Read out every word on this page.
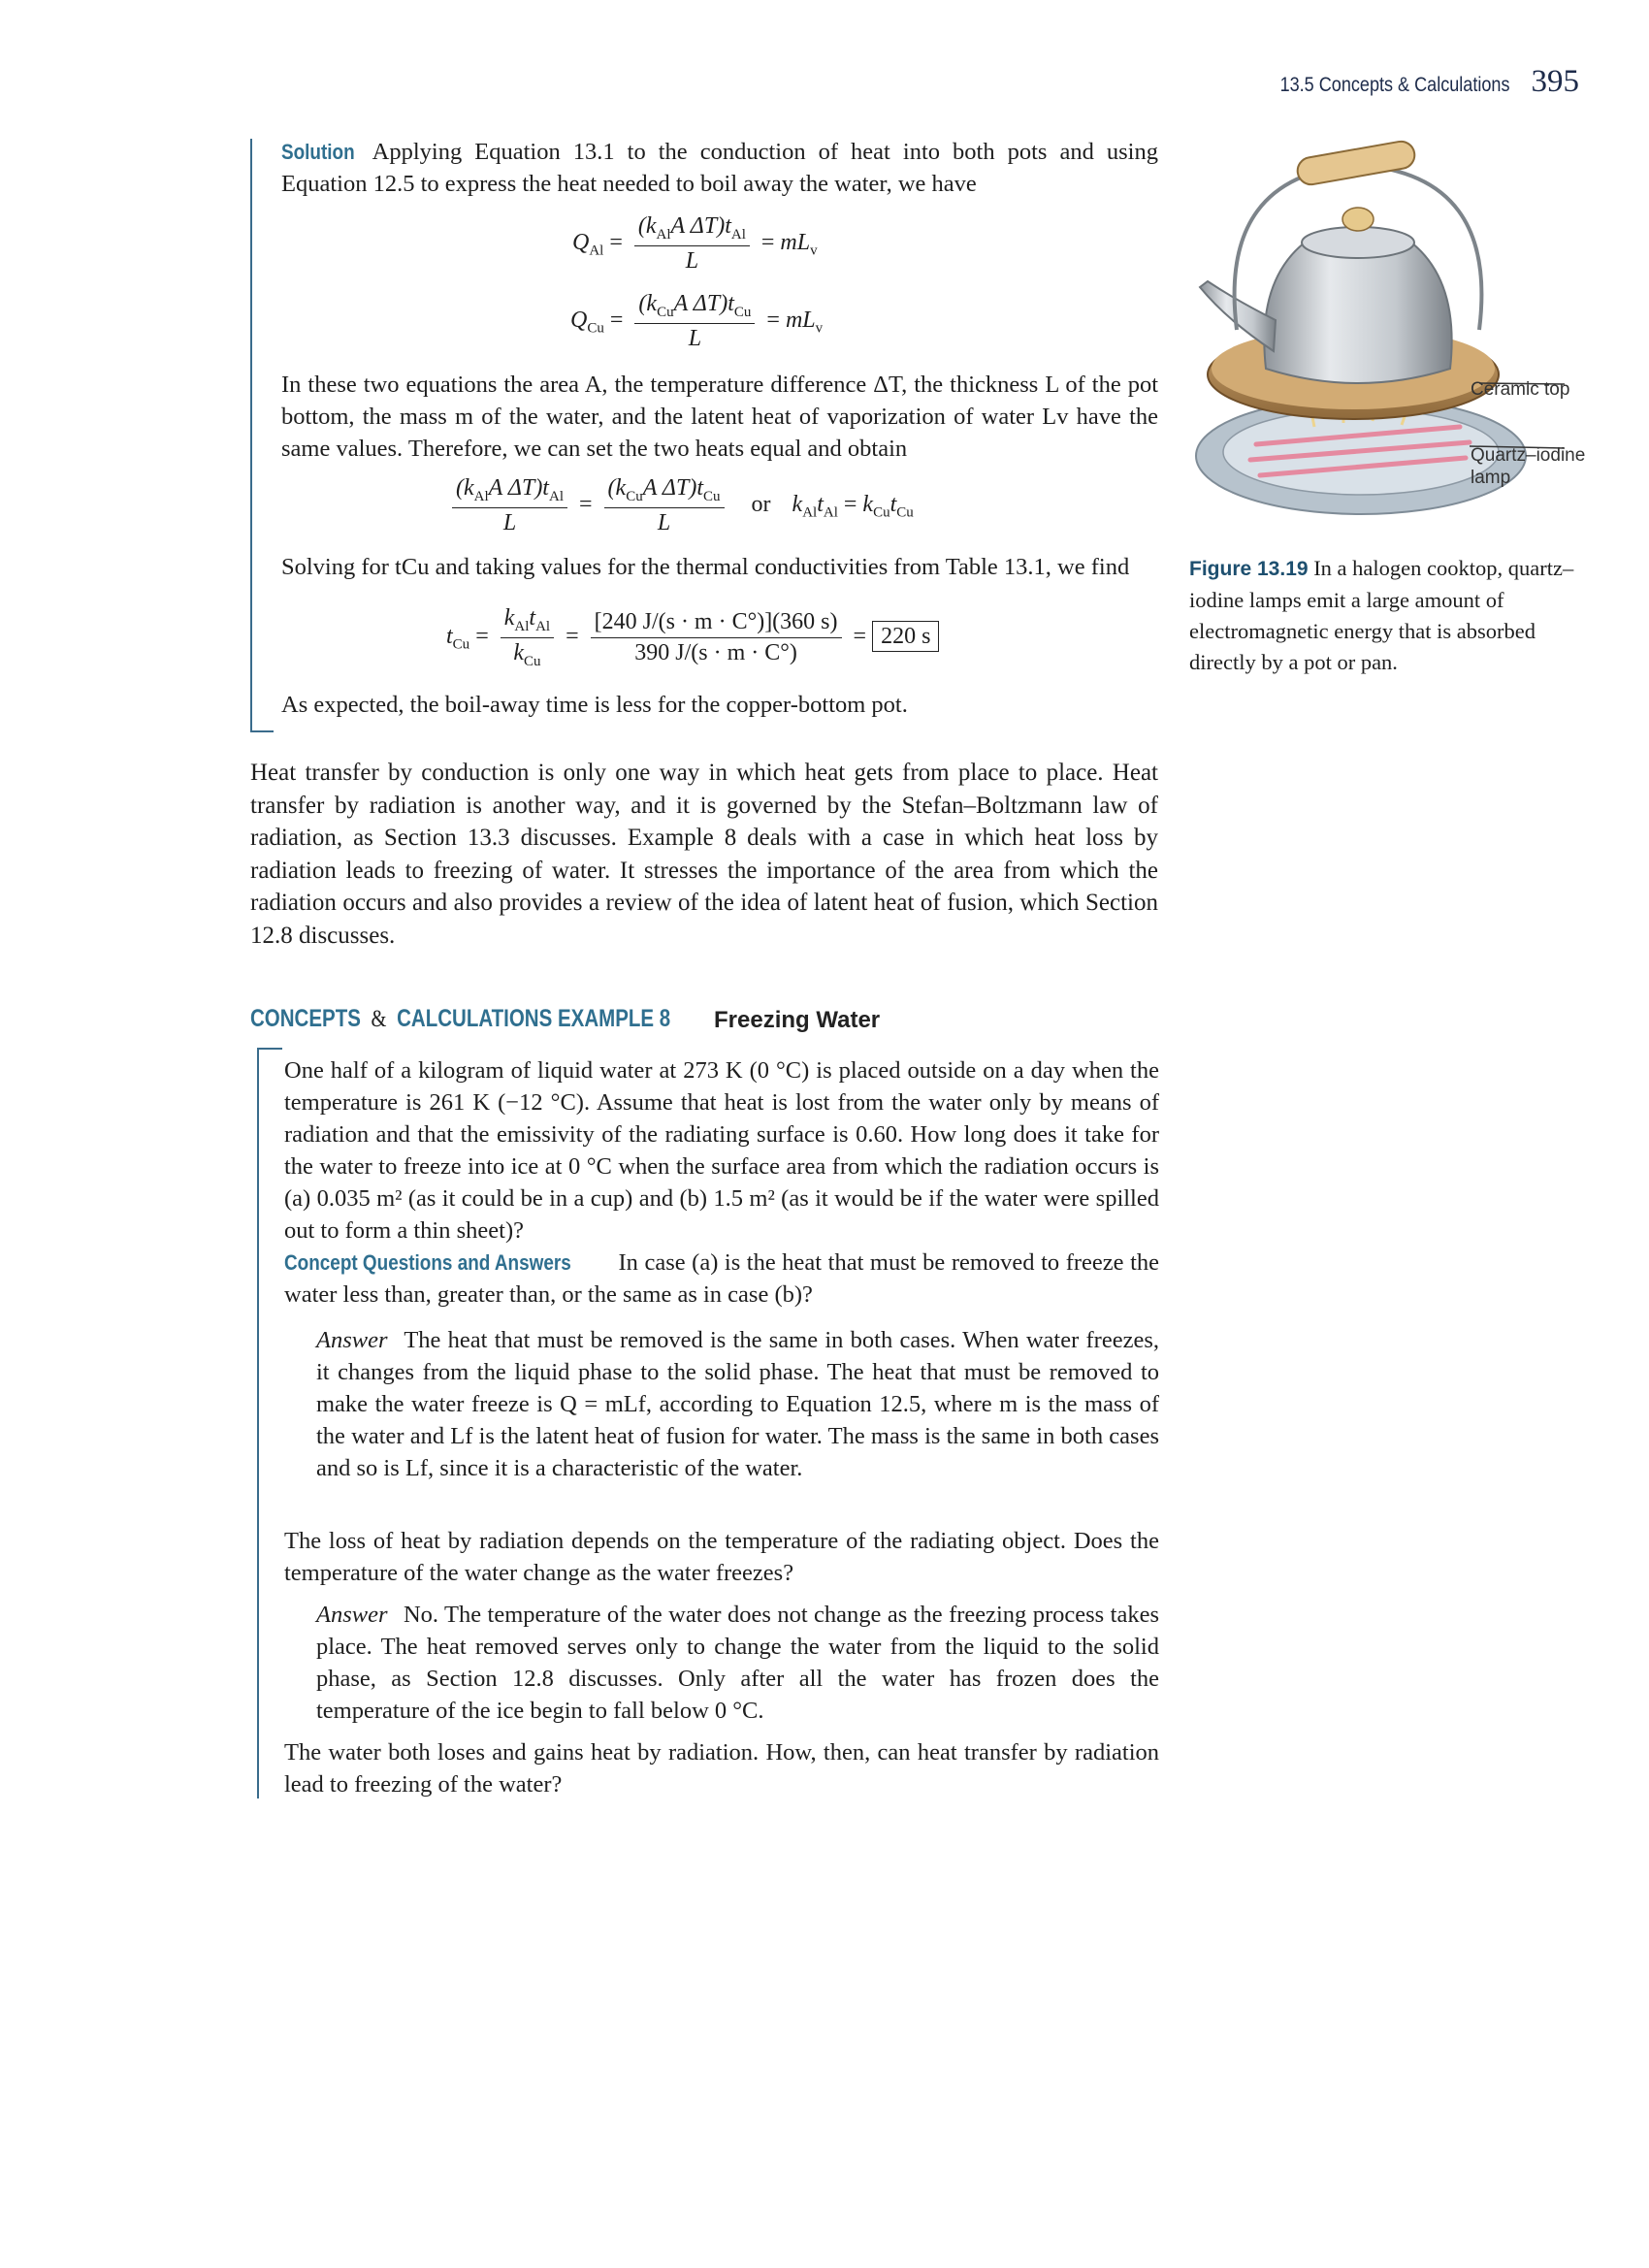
13.5 Concepts & Calculations 395

Solution Applying Equation 13.1 to the conduction of heat into both pots and using Equation 12.5 to express the heat needed to boil away the water, we have

$Q_{Al} = \frac{(k_{Al}A \Delta T)t_{Al}}{L} = mL_v$
$Q_{Cu} = \frac{(k_{Cu}A \Delta T)t_{Cu}}{L} = mL_v$

In these two equations the area A, the temperature difference ΔT, the thickness L of the pot bottom, the mass m of the water, and the latent heat of vaporization of water Lv have the same values. Therefore, we can set the two heats equal and obtain

$\frac{(k_{Al}A \Delta T)t_{Al}}{L} = \frac{(k_{Cu}A \Delta T)t_{Cu}}{L}$ or $k_{Al}t_{Al} = k_{Cu}t_{Cu}$

Solving for tCu and taking values for the thermal conductivities from Table 13.1, we find

$t_{Cu} = \frac{k_{Al}t_{Al}}{k_{Cu}} = \frac{[240 J/(s \cdot m \cdot C^\circ)](360 s)}{390 J/(s \cdot m \cdot C^\circ)} = 220$ s

As expected, the boil-away time is less for the copper-bottom pot.

Ceramic top
Quartz–iodine lamp
Figure 13.19 In a halogen cooktop, quartz–iodine lamps emit a large amount of electromagnetic energy that is absorbed directly by a pot or pan.

Heat transfer by conduction is only one way in which heat gets from place to place. Heat transfer by radiation is another way, and it is governed by the Stefan–Boltzmann law of radiation, as Section 13.3 discusses. Example 8 deals with a case in which heat loss by radiation leads to freezing of water. It stresses the importance of the area from which the radiation occurs and also provides a review of the idea of latent heat of fusion, which Section 12.8 discusses.

CONCEPTS & CALCULATIONS EXAMPLE 8 Freezing Water

One half of a kilogram of liquid water at 273 K (0 °C) is placed outside on a day when the temperature is 261 K (−12 °C). Assume that heat is lost from the water only by means of radiation and that the emissivity of the radiating surface is 0.60. How long does it take for the water to freeze into ice at 0 °C when the surface area from which the radiation occurs is (a) 0.035 m² (as it could be in a cup) and (b) 1.5 m² (as it would be if the water were spilled out to form a thin sheet)?

Concept Questions and Answers In case (a) is the heat that must be removed to freeze the water less than, greater than, or the same as in case (b)?

Answer The heat that must be removed is the same in both cases. When water freezes, it changes from the liquid phase to the solid phase. The heat that must be removed to make the water freeze is Q = mLf, according to Equation 12.5, where m is the mass of the water and Lf is the latent heat of fusion for water. The mass is the same in both cases and so is Lf, since it is a characteristic of the water.

The loss of heat by radiation depends on the temperature of the radiating object. Does the temperature of the water change as the water freezes?

Answer No. The temperature of the water does not change as the freezing process takes place. The heat removed serves only to change the water from the liquid to the solid phase, as Section 12.8 discusses. Only after all the water has frozen does the temperature of the ice begin to fall below 0 °C.

The water both loses and gains heat by radiation. How, then, can heat transfer by radiation lead to freezing of the water?
